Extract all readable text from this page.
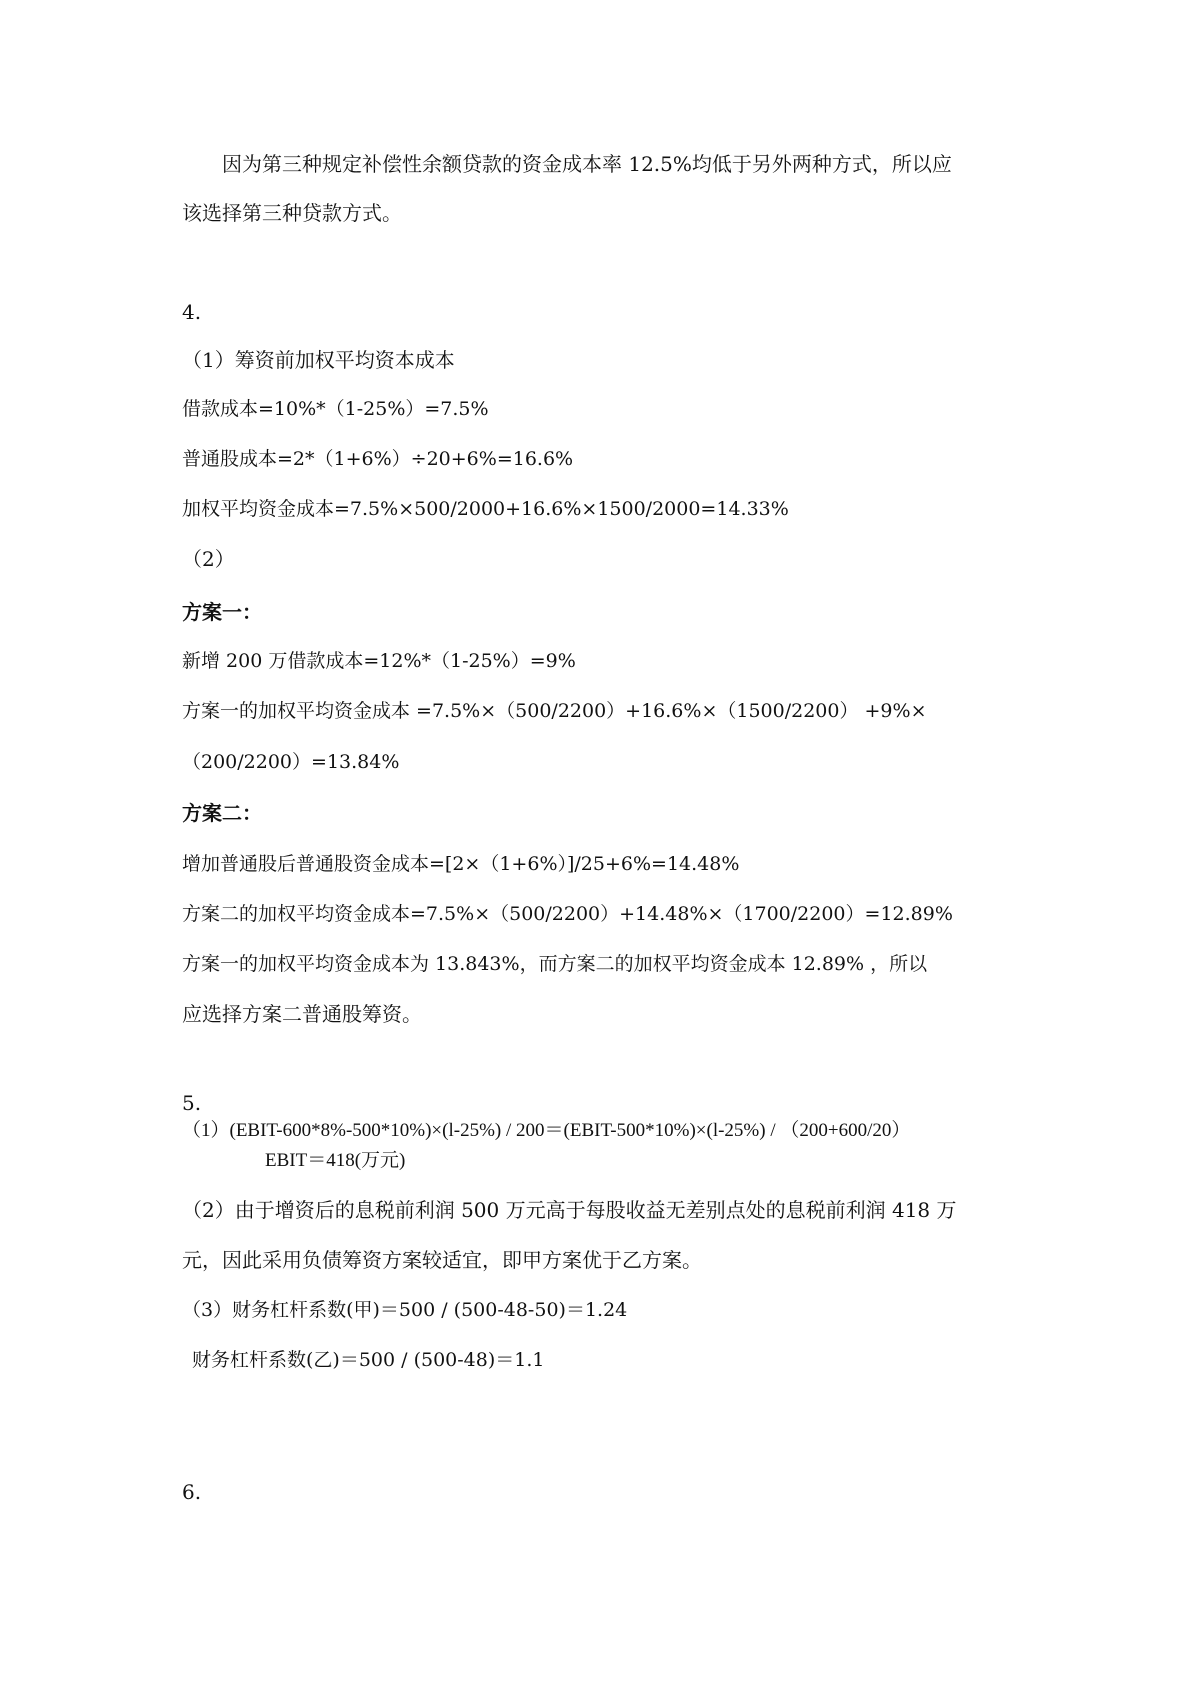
因为第三种规定补偿性余额贷款的资金成本率 12.5%均低于另外两种方式，所以应
该选择第三种贷款方式。
4.
（1）筹资前加权平均资本成本
借款成本=10%*（1-25%）=7.5%
普通股成本=2*（1+6%）÷20+6%=16.6%
加权平均资金成本=7.5%×500/2000+16.6%×1500/2000=14.33%
（2）
方案一：
新增 200 万借款成本=12%*（1-25%）=9%
方案一的加权平均资金成本 =7.5%×（500/2200）+16.6%×（1500/2200） +9%×
（200/2200）=13.84%
方案二：
增加普通股后普通股资金成本=[2×（1+6%）]/25+6%=14.48%
方案二的加权平均资金成本=7.5%×（500/2200）+14.48%×（1700/2200）=12.89%
方案一的加权平均资金成本为 13.843%，而方案二的加权平均资金成本 12.89% ，所以
应选择方案二普通股筹资。
5.
（1）(EBIT-600*8%-500*10%)×(l-25%) / 200＝(EBIT-500*10%)×(l-25%) / （200+600/20）
EBIT＝418(万元)
（2）由于增资后的息税前利润 500 万元高于每股收益无差别点处的息税前利润 418 万
元，因此采用负债筹资方案较适宜，即甲方案优于乙方案。
（3）财务杠杆系数(甲)＝500 / (500-48-50)＝1.24
财务杠杆系数(乙)＝500 / (500-48)＝1.1
6.
